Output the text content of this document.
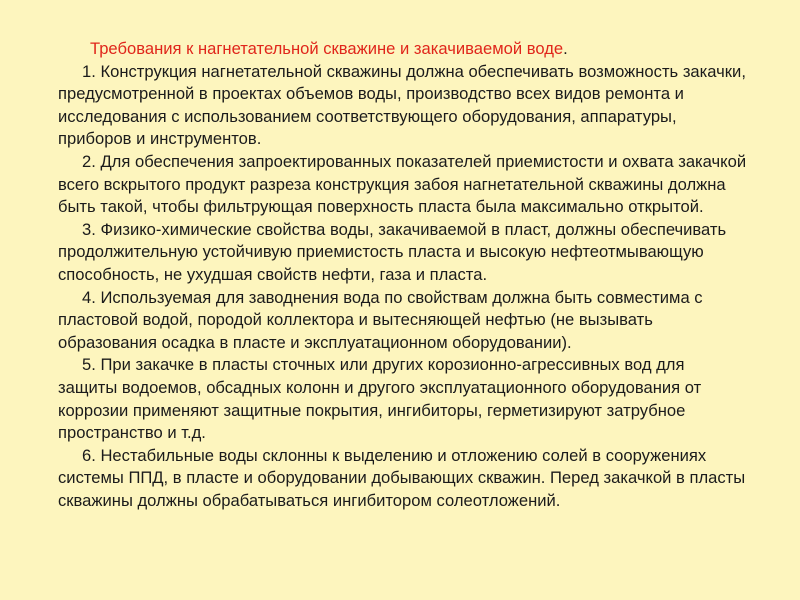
Требования к нагнетательной скважине и закачиваемой воде.

1. Конструкция нагнетательной скважины должна обеспечивать возможность закачки, предусмотренной в проектах объемов воды, производство всех видов ремонта и исследования с использованием соответствующего оборудования, аппаратуры, приборов и инструментов.

2. Для обеспечения запроектированных показателей приемистости и охвата закачкой всего вскрытого продукт разреза конструкция забоя нагнетательной скважины должна быть такой, чтобы фильтрующая поверхность пласта была максимально открытой.

3. Физико-химические свойства воды, закачиваемой в пласт, должны обеспечивать продолжительную устойчивую приемистость пласта и высокую нефтеотмывающую способность, не ухудшая свойств нефти, газа и пласта.

4. Используемая для заводнения вода по свойствам должна быть совместима с пластовой водой, породой коллектора и вытесняющей нефтью (не вызывать образования осадка в пласте и эксплуатационном оборудовании).

5. При закачке в пласты сточных или других корозионно-агрессивных вод для защиты водоемов, обсадных колонн и другого эксплуатационного оборудования от коррозии применяют защитные покрытия, ингибиторы, герметизируют затрубное пространство и т.д.

6. Нестабильные воды склонны к выделению и отложению солей в сооружениях системы ППД, в пласте и оборудовании добывающих скважин. Перед закачкой в пласты скважины должны обрабатываться ингибитором солеотложений.
